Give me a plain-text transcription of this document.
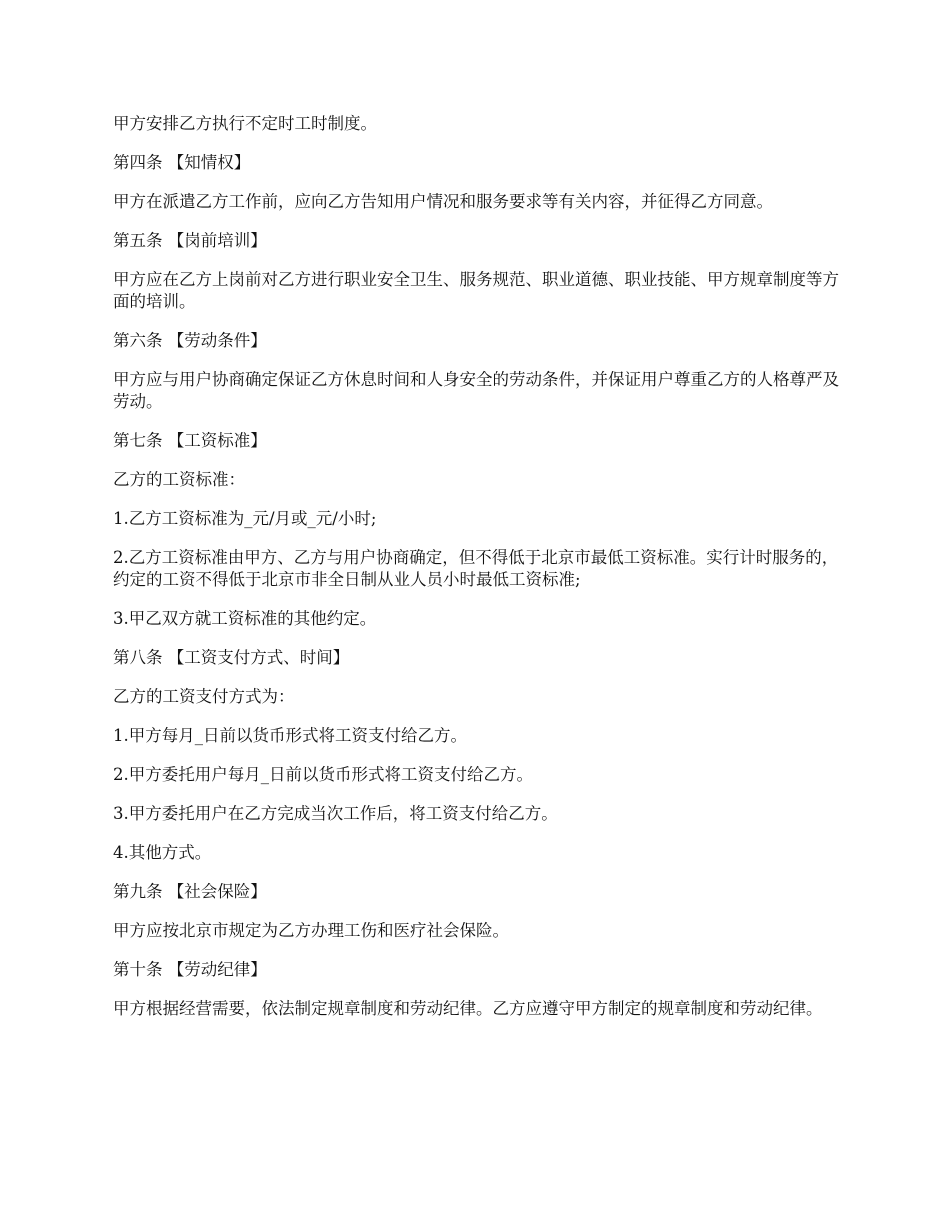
甲方安排乙方执行不定时工时制度。

第四条 【知情权】

甲方在派遣乙方工作前，应向乙方告知用户情况和服务要求等有关内容，并征得乙方同意。

第五条 【岗前培训】

甲方应在乙方上岗前对乙方进行职业安全卫生、服务规范、职业道德、职业技能、甲方规章制度等方面的培训。

第六条 【劳动条件】

甲方应与用户协商确定保证乙方休息时间和人身安全的劳动条件，并保证用户尊重乙方的人格尊严及劳动。

第七条 【工资标准】

乙方的工资标准：

1.乙方工资标准为_元/月或_元/小时;

2.乙方工资标准由甲方、乙方与用户协商确定，但不得低于北京市最低工资标准。实行计时服务的，约定的工资不得低于北京市非全日制从业人员小时最低工资标准;

3.甲乙双方就工资标准的其他约定。

第八条 【工资支付方式、时间】

乙方的工资支付方式为：

1.甲方每月_日前以货币形式将工资支付给乙方。

2.甲方委托用户每月_日前以货币形式将工资支付给乙方。

3.甲方委托用户在乙方完成当次工作后，将工资支付给乙方。

4.其他方式。

第九条 【社会保险】

甲方应按北京市规定为乙方办理工伤和医疗社会保险。

第十条 【劳动纪律】

甲方根据经营需要，依法制定规章制度和劳动纪律。乙方应遵守甲方制定的规章制度和劳动纪律。
